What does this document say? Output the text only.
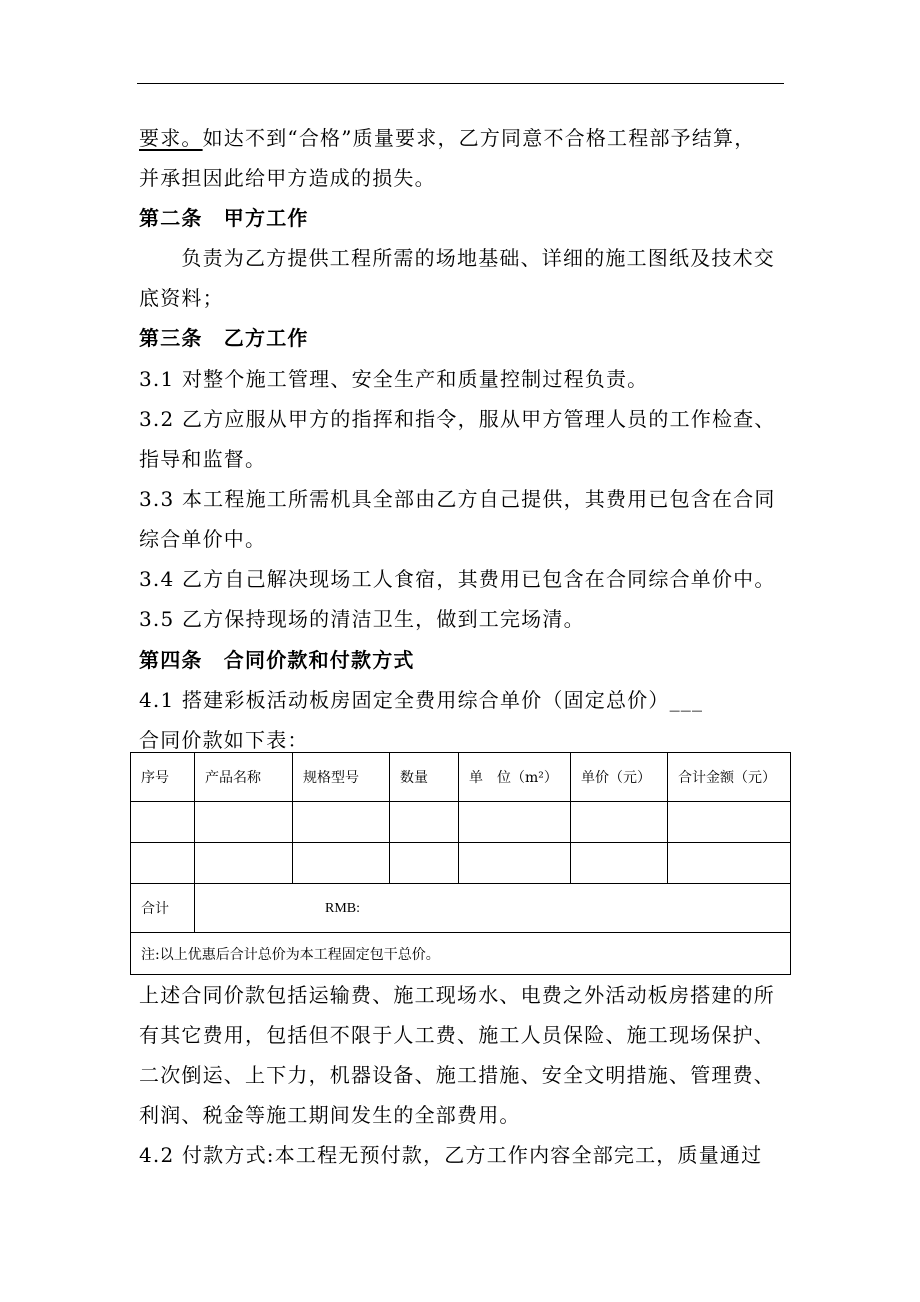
要求。如达不到“合格”质量要求，乙方同意不合格工程部予结算，
并承担因此给甲方造成的损失。
第二条　甲方工作
　　负责为乙方提供工程所需的场地基础、详细的施工图纸及技术交
底资料；
第三条　乙方工作
3.1 对整个施工管理、安全生产和质量控制过程负责。
3.2 乙方应服从甲方的指挥和指令，服从甲方管理人员的工作检查、
指导和监督。
3.3 本工程施工所需机具全部由乙方自己提供，其费用已包含在合同
综合单价中。
3.4 乙方自己解决现场工人食宿，其费用已包含在合同综合单价中。
3.5 乙方保持现场的清洁卫生，做到工完场清。
第四条　合同价款和付款方式
4.1 搭建彩板活动板房固定全费用综合单价（固定总价）___
合同价款如下表：
序号	产品名称	规格型号	数量	单　位（m²）	单价（元）	合计金额（元）

合计	RMB:					
注:以上优惠后合计总价为本工程固定包干总价。						
上述合同价款包括运输费、施工现场水、电费之外活动板房搭建的所
有其它费用，包括但不限于人工费、施工人员保险、施工现场保护、
二次倒运、上下力，机器设备、施工措施、安全文明措施、管理费、
利润、税金等施工期间发生的全部费用。
4.2 付款方式:本工程无预付款，乙方工作内容全部完工，质量通过
